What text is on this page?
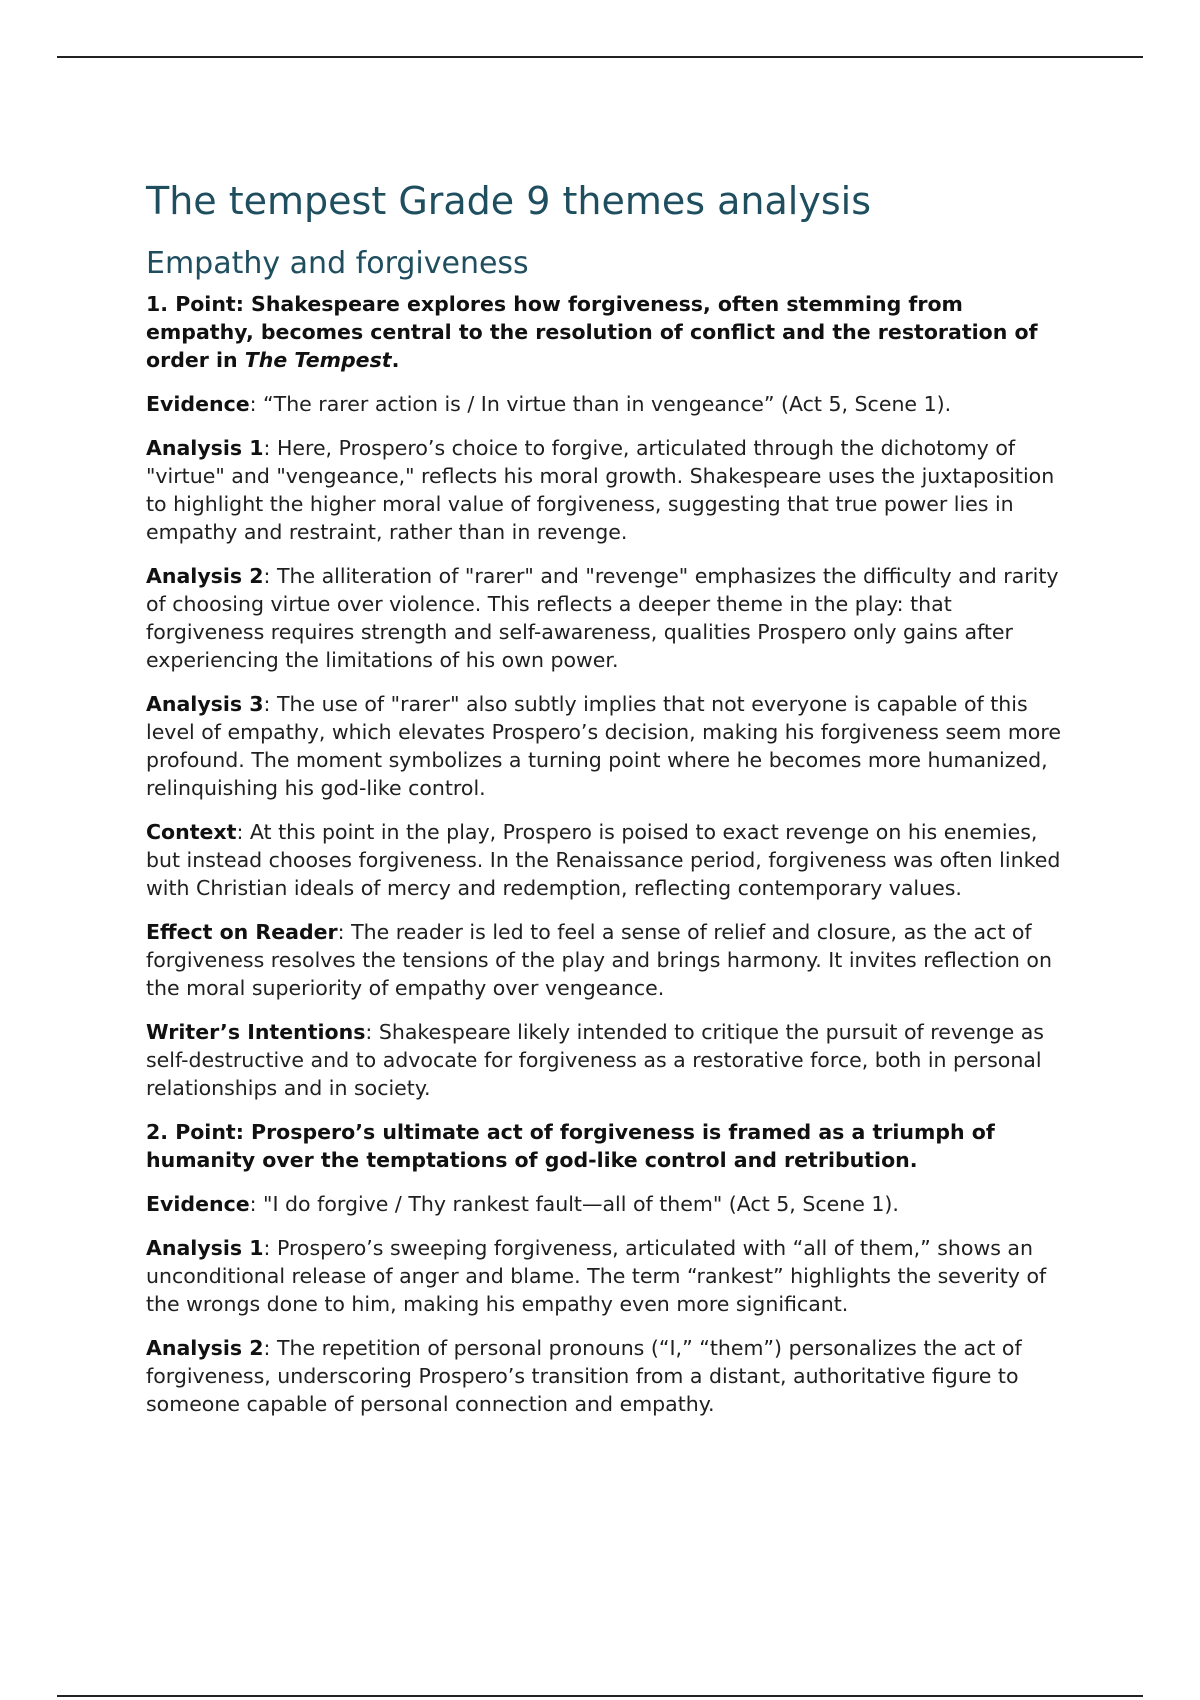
The tempest Grade 9 themes analysis
Empathy and forgiveness

1. Point: Shakespeare explores how forgiveness, often stemming from empathy, becomes central to the resolution of conflict and the restoration of order in The Tempest.

Evidence: “The rarer action is / In virtue than in vengeance” (Act 5, Scene 1).

Analysis 1: Here, Prospero’s choice to forgive, articulated through the dichotomy of "virtue" and "vengeance," reflects his moral growth. Shakespeare uses the juxtaposition to highlight the higher moral value of forgiveness, suggesting that true power lies in empathy and restraint, rather than in revenge.

Analysis 2: The alliteration of "rarer" and "revenge" emphasizes the difficulty and rarity of choosing virtue over violence. This reflects a deeper theme in the play: that forgiveness requires strength and self-awareness, qualities Prospero only gains after experiencing the limitations of his own power.

Analysis 3: The use of "rarer" also subtly implies that not everyone is capable of this level of empathy, which elevates Prospero’s decision, making his forgiveness seem more profound. The moment symbolizes a turning point where he becomes more humanized, relinquishing his god-like control.

Context: At this point in the play, Prospero is poised to exact revenge on his enemies, but instead chooses forgiveness. In the Renaissance period, forgiveness was often linked with Christian ideals of mercy and redemption, reflecting contemporary values.

Effect on Reader: The reader is led to feel a sense of relief and closure, as the act of forgiveness resolves the tensions of the play and brings harmony. It invites reflection on the moral superiority of empathy over vengeance.

Writer’s Intentions: Shakespeare likely intended to critique the pursuit of revenge as self-destructive and to advocate for forgiveness as a restorative force, both in personal relationships and in society.

2. Point: Prospero’s ultimate act of forgiveness is framed as a triumph of humanity over the temptations of god-like control and retribution.

Evidence: "I do forgive / Thy rankest fault—all of them" (Act 5, Scene 1).

Analysis 1: Prospero’s sweeping forgiveness, articulated with “all of them,” shows an unconditional release of anger and blame. The term “rankest” highlights the severity of the wrongs done to him, making his empathy even more significant.

Analysis 2: The repetition of personal pronouns (“I,” “them”) personalizes the act of forgiveness, underscoring Prospero’s transition from a distant, authoritative figure to someone capable of personal connection and empathy.
